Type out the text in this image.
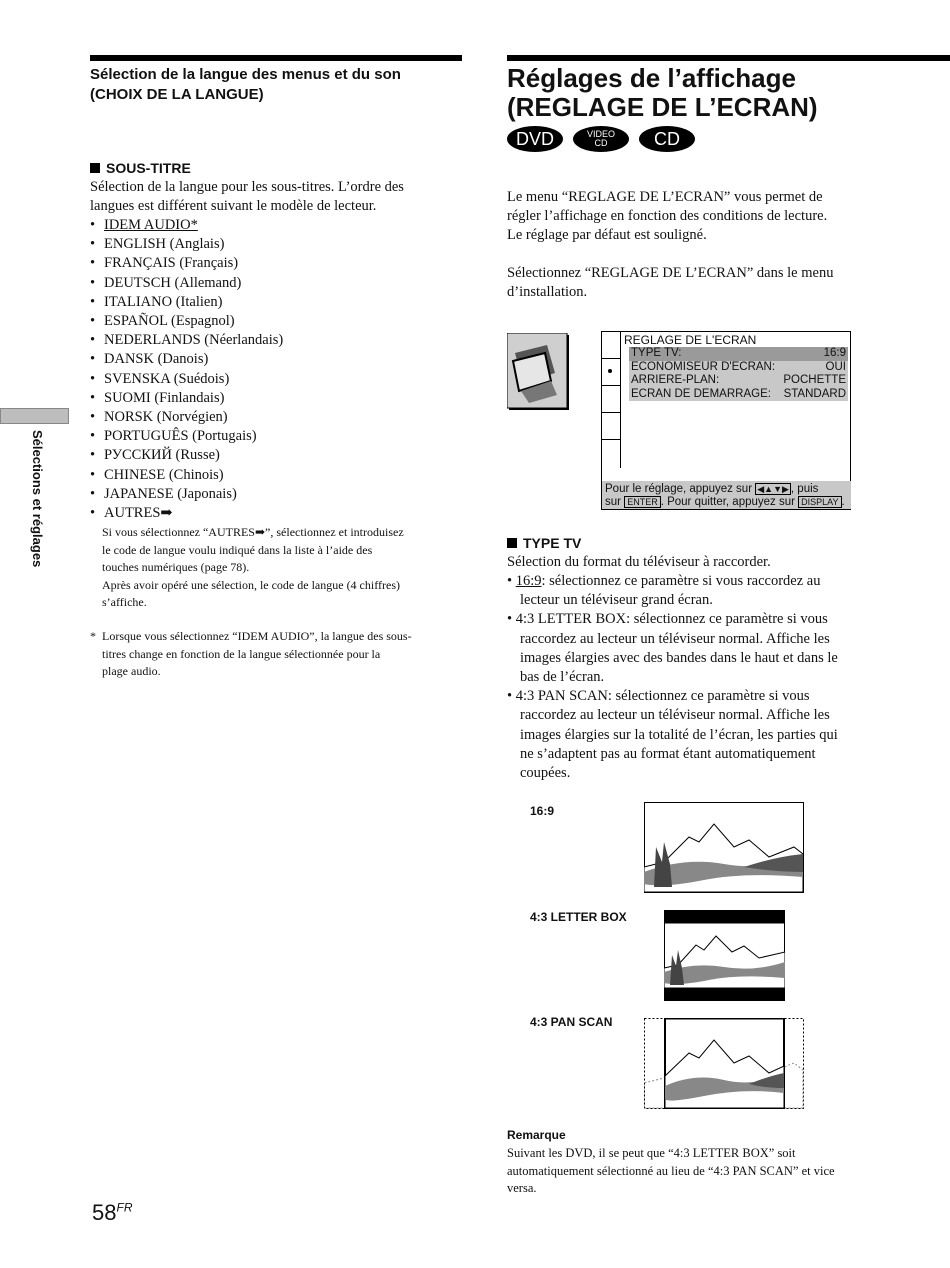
Sélection de la langue des menus et du son
(CHOIX DE LA LANGUE)
SOUS-TITRE
Sélection de la langue pour les sous-titres. L’ordre des
langues est différent suivant le modèle de lecteur.
• IDEM AUDIO*
• ENGLISH (Anglais)
• FRANÇAIS (Français)
• DEUTSCH (Allemand)
• ITALIANO (Italien)
• ESPAÑOL (Espagnol)
• NEDERLANDS (Néerlandais)
• DANSK (Danois)
• SVENSKA (Suédois)
• SUOMI (Finlandais)
• NORSK (Norvégien)
• PORTUGUÊS (Portugais)
• РУССКИЙ (Russe)
• CHINESE (Chinois)
• JAPANESE (Japonais)
• AUTRES➡
Si vous sélectionnez “AUTRES➡”, sélectionnez et introduisez
le code de langue voulu indiqué dans la liste à l’aide des
touches numériques (page 78).
Après avoir opéré une sélection, le code de langue (4 chiffres)
s’affiche.
* Lorsque vous sélectionnez “IDEM AUDIO”, la langue des sous-
titres change en fonction de la langue sélectionnée pour la
plage audio.
Sélections et réglages
Réglages de l’affichage
(REGLAGE DE L’ECRAN)
DVD	VIDEO
CD	CD
Le menu “REGLAGE DE L’ECRAN” vous permet de
régler l’affichage en fonction des conditions de lecture.
Le réglage par défaut est souligné.
Sélectionnez “REGLAGE DE L’ECRAN” dans le menu
d’installation.
REGLAGE DE L'ECRAN
TYPE TV:	16:9
ECONOMISEUR D'ECRAN:	OUI
ARRIERE-PLAN:	POCHETTE
ECRAN DE DEMARRAGE: STANDARD
Pour le réglage, appuyez sur ◀▲▼▶ , puis
sur ENTER . Pour quitter, appuyez sur DISPLAY .
TYPE TV
Sélection du format du téléviseur à raccorder.
• 16:9: sélectionnez ce paramètre si vous raccordez au
lecteur un téléviseur grand écran.
• 4:3 LETTER BOX: sélectionnez ce paramètre si vous
raccordez au lecteur un téléviseur normal. Affiche les
images élargies avec des bandes dans le haut et dans le
bas de l’écran.
• 4:3 PAN SCAN: sélectionnez ce paramètre si vous
raccordez au lecteur un téléviseur normal. Affiche les
images élargies sur la totalité de l’écran, les parties qui
ne s’adaptent pas au format étant automatiquement
coupées.
16:9
4:3 LETTER BOX
4:3 PAN SCAN
Remarque
Suivant les DVD, il se peut que “4:3 LETTER BOX” soit
automatiquement sélectionné au lieu de “4:3 PAN SCAN” et vice
versa.
$58^{FR}$
